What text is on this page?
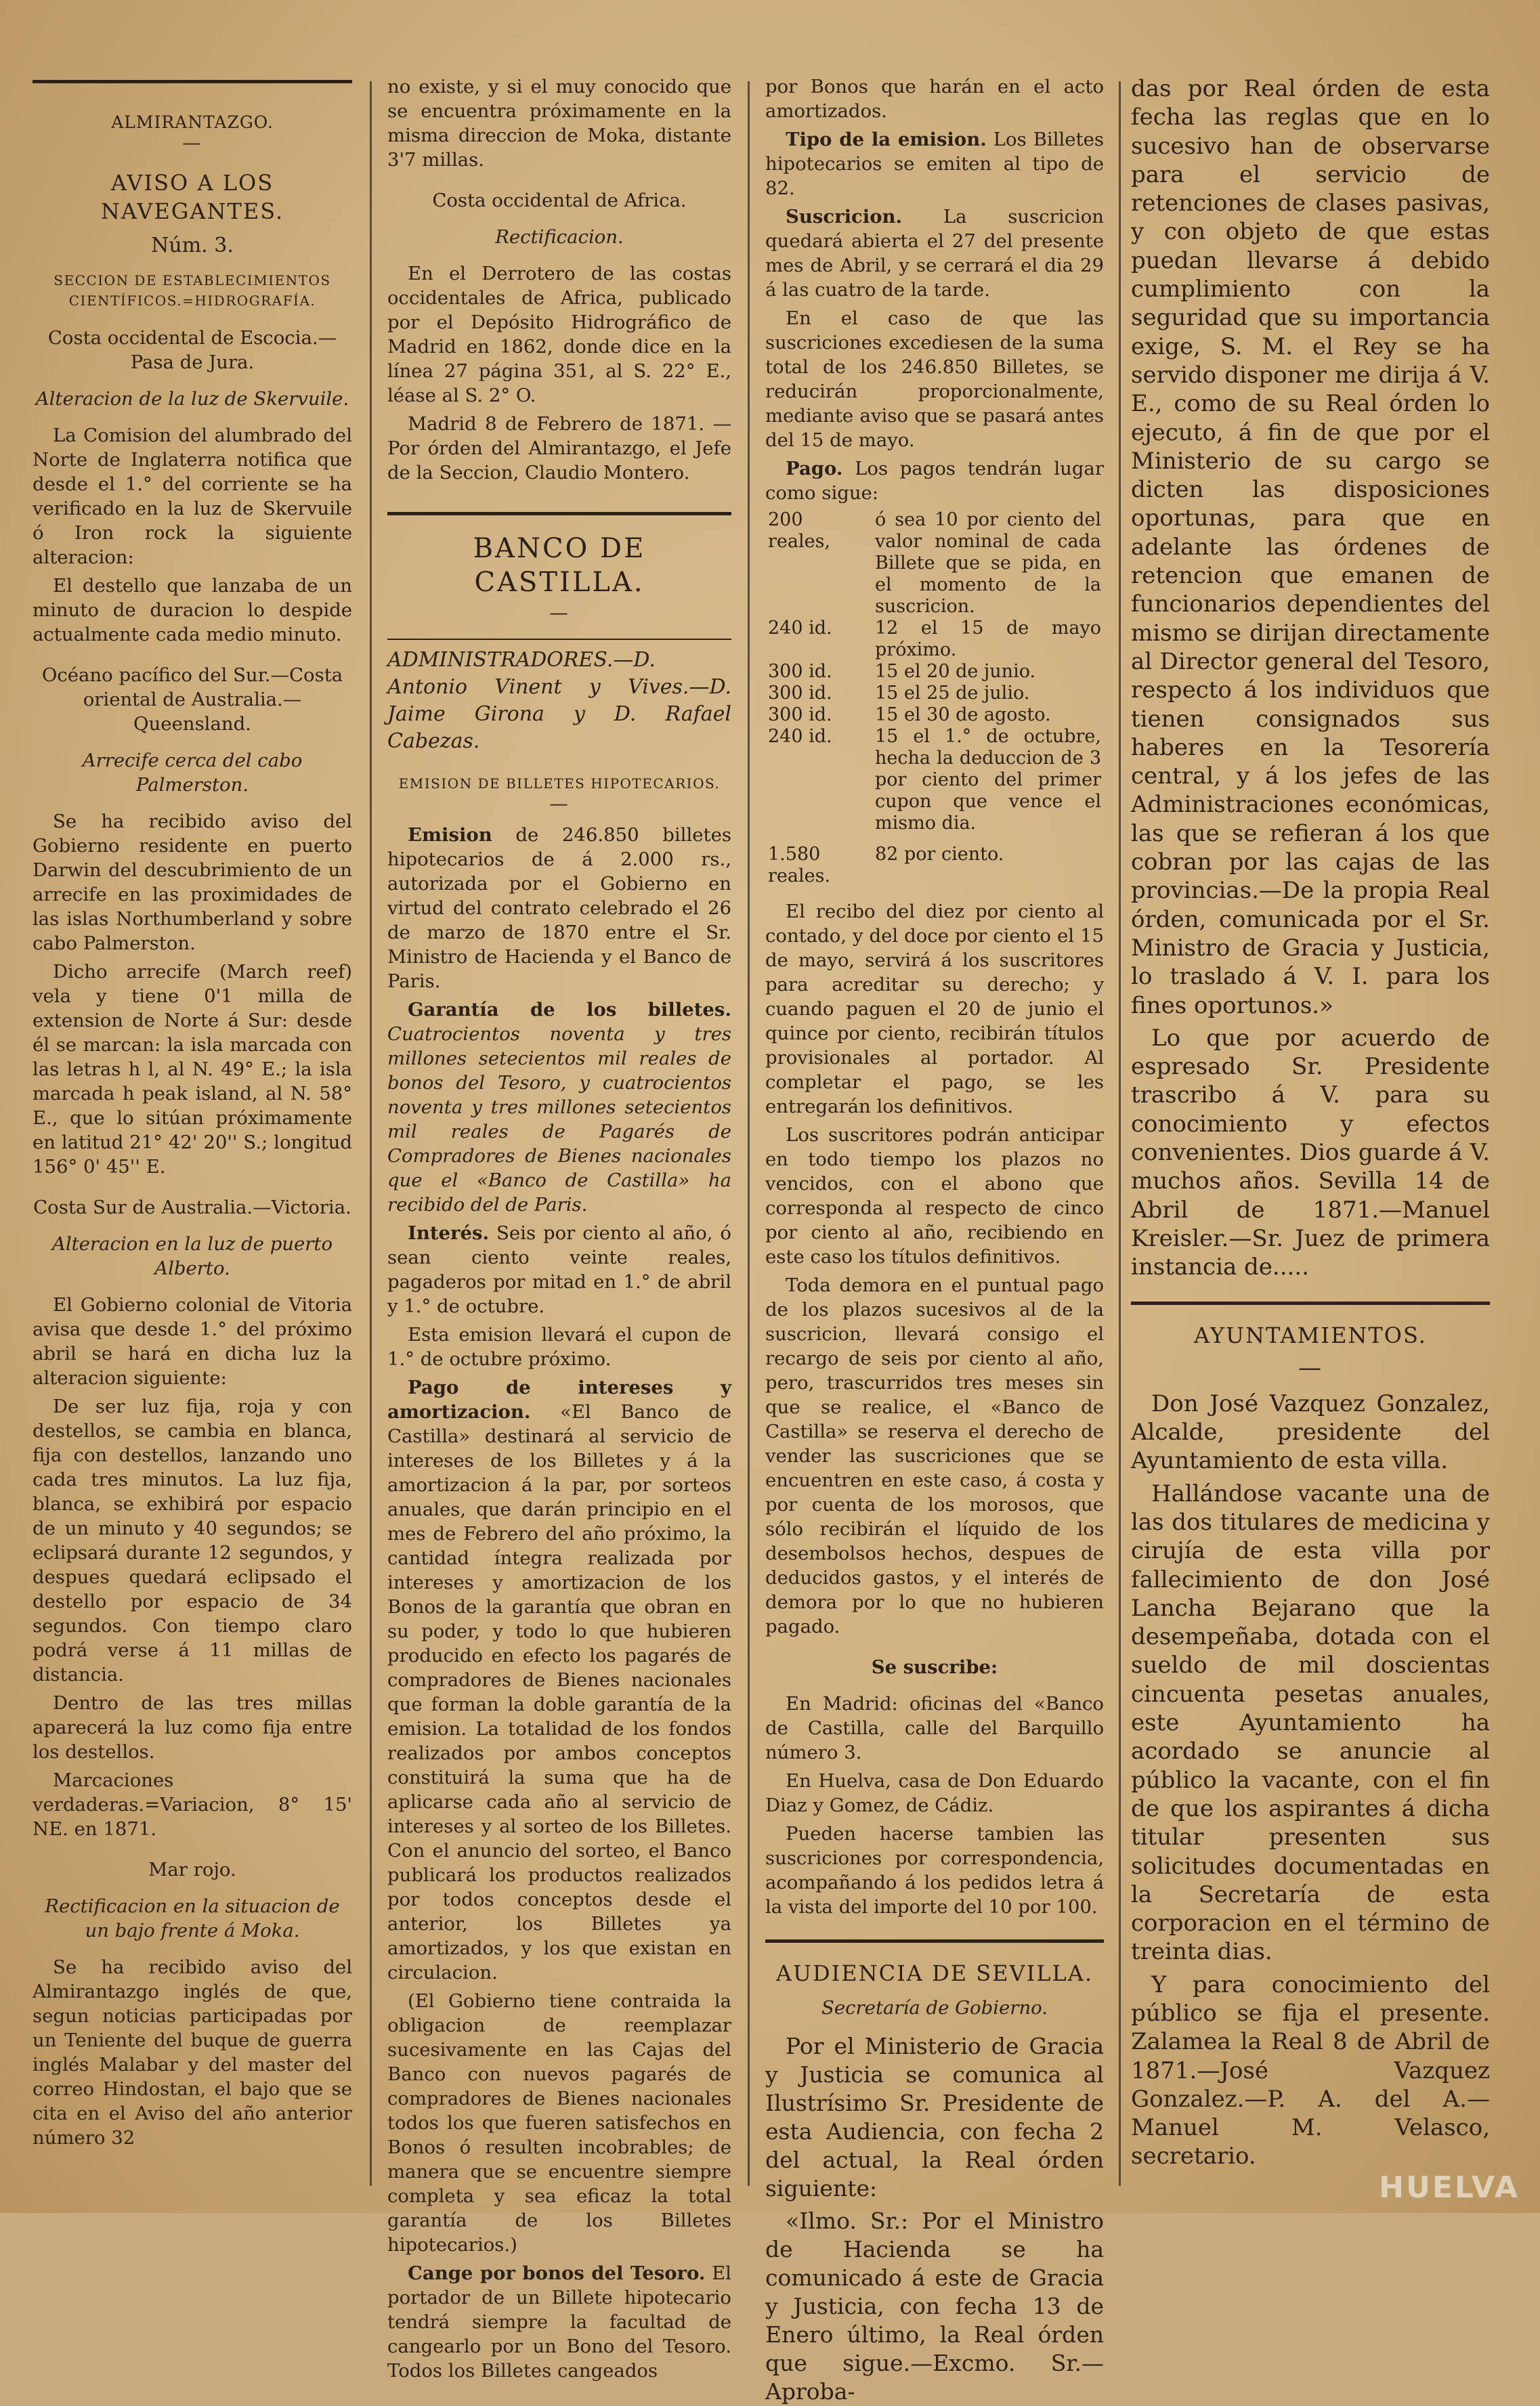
ALMIRANTAZGO.
—
AVISO A LOS NAVEGANTES.
Núm. 3.
SECCION DE ESTABLECIMIENTOS CIENTÍFICOS.=HIDROGRAFÍA.
Costa occidental de Escocia.—Pasa de Jura.
Alteracion de la luz de Skervuile.

La Comision del alumbrado del Norte de Inglaterra notifica que desde el 1.° del corriente se ha verificado en la luz de Skervuile ó Iron rock la siguiente alteracion:

El destello que lanzaba de un minuto de duracion lo despide actualmente cada medio minuto.

Océano pacífico del Sur.—Costa oriental de Australia.—Queensland.
Arrecife cerca del cabo Palmerston.

Se ha recibido aviso del Gobierno residente en puerto Darwin del descubrimiento de un arrecife en las proximidades de las islas Northumberland y sobre cabo Palmerston.

Dicho arrecife (March reef) vela y tiene 0'1 milla de extension de Norte á Sur: desde él se marcan: la isla marcada con las letras h l, al N. 49° E.; la isla marcada h peak island, al N. 58° E., que lo sitúan próximamente en latitud 21° 42' 20'' S.; longitud 156° 0' 45'' E.

Costa Sur de Australia.—Victoria.
Alteracion en la luz de puerto Alberto.

El Gobierno colonial de Vitoria avisa que desde 1.° del próximo abril se hará en dicha luz la alteracion siguiente:

De ser luz fija, roja y con destellos, se cambia en blanca, fija con destellos, lanzando uno cada tres minutos. La luz fija, blanca, se exhibirá por espacio de un minuto y 40 segundos; se eclipsará durante 12 segundos, y despues quedará eclipsado el destello por espacio de 34 segundos. Con tiempo claro podrá verse á 11 millas de distancia.

Dentro de las tres millas aparecerá la luz como fija entre los destellos.

Marcaciones verdaderas.=Variacion, 8° 15' NE. en 1871.

Mar rojo.
Rectificacion en la situacion de un bajo frente á Moka.

Se ha recibido aviso del Almirantazgo inglés de que, segun noticias participadas por un Teniente del buque de guerra inglés Malabar y del master del correo Hindostan, el bajo que se cita en el Aviso del año anterior número 32

no existe, y si el muy conocido que se encuentra próximamente en la misma direccion de Moka, distante 3'7 millas.

Costa occidental de Africa.
Rectificacion.

En el Derrotero de las costas occidentales de Africa, publicado por el Depósito Hidrográfico de Madrid en 1862, donde dice en la línea 27 página 351, al S. 22° E., léase al S. 2° O.

Madrid 8 de Febrero de 1871. —Por órden del Almirantazgo, el Jefe de la Seccion, Claudio Montero.

BANCO DE CASTILLA.
—

ADMINISTRADORES.—D. Antonio Vinent y Vives.—D. Jaime Girona y D. Rafael Cabezas.

EMISION DE BILLETES HIPOTECARIOS.
—

Emision de 246.850 billetes hipotecarios de á 2.000 rs., autorizada por el Gobierno en virtud del contrato celebrado el 26 de marzo de 1870 entre el Sr. Ministro de Hacienda y el Banco de Paris.

Garantía de los billetes. Cuatrocientos noventa y tres millones setecientos mil reales de bonos del Tesoro, y cuatrocientos noventa y tres millones setecientos mil reales de Pagarés de Compradores de Bienes nacionales que el «Banco de Castilla» ha recibido del de Paris.

Interés. Seis por ciento al año, ó sean ciento veinte reales, pagaderos por mitad en 1.° de abril y 1.° de octubre.

Esta emision llevará el cupon de 1.° de octubre próximo.

Pago de intereses y amortizacion. «El Banco de Castilla» destinará al servicio de intereses de los Billetes y á la amortizacion á la par, por sorteos anuales, que darán principio en el mes de Febrero del año próximo, la cantidad íntegra realizada por intereses y amortizacion de los Bonos de la garantía que obran en su poder, y todo lo que hubieren producido en efecto los pagarés de compradores de Bienes nacionales que forman la doble garantía de la emision. La totalidad de los fondos realizados por ambos conceptos constituirá la suma que ha de aplicarse cada año al servicio de intereses y al sorteo de los Billetes. Con el anuncio del sorteo, el Banco publicará los productos realizados por todos conceptos desde el anterior, los Billetes ya amortizados, y los que existan en circulacion.

(El Gobierno tiene contraida la obligacion de reemplazar sucesivamente en las Cajas del Banco con nuevos pagarés de compradores de Bienes nacionales todos los que fueren satisfechos en Bonos ó resulten incobrables; de manera que se encuentre siempre completa y sea eficaz la total garantía de los Billetes hipotecarios.)

Cange por bonos del Tesoro. El portador de un Billete hipotecario tendrá siempre la facultad de cangearlo por un Bono del Tesoro. Todos los Billetes cangeados

por Bonos que harán en el acto amortizados.

Tipo de la emision. Los Billetes hipotecarios se emiten al tipo de 82.

Suscricion. La suscricion quedará abierta el 27 del presente mes de Abril, y se cerrará el dia 29 á las cuatro de la tarde.

En el caso de que las suscriciones excediesen de la suma total de los 246.850 Billetes, se reducirán proporcionalmente, mediante aviso que se pasará antes del 15 de mayo.

Pago. Los pagos tendrán lugar como sigue:

200 reales,	ó sea 10 por ciento del valor nominal de cada Billete que se pida, en el momento de la suscricion.
240 id.	12 el 15 de mayo próximo.
300 id.	15 el 20 de junio.
300 id.	15 el 25 de julio.
300 id.	15 el 30 de agosto.
240 id.	15 el 1.° de octubre, hecha la deduccion de 3 por ciento del primer cupon que vence el mismo dia.
1.580 reales.	82 por ciento.

El recibo del diez por ciento al contado, y del doce por ciento el 15 de mayo, servirá á los suscritores para acreditar su derecho; y cuando paguen el 20 de junio el quince por ciento, recibirán títulos provisionales al portador. Al completar el pago, se les entregarán los definitivos.

Los suscritores podrán anticipar en todo tiempo los plazos no vencidos, con el abono que corresponda al respecto de cinco por ciento al año, recibiendo en este caso los títulos definitivos.

Toda demora en el puntual pago de los plazos sucesivos al de la suscricion, llevará consigo el recargo de seis por ciento al año, pero, trascurridos tres meses sin que se realice, el «Banco de Castilla» se reserva el derecho de vender las suscriciones que se encuentren en este caso, á costa y por cuenta de los morosos, que sólo recibirán el líquido de los desembolsos hechos, despues de deducidos gastos, y el interés de demora por lo que no hubieren pagado.

Se suscribe:

En Madrid: oficinas del «Banco de Castilla, calle del Barquillo número 3.

En Huelva, casa de Don Eduardo Diaz y Gomez, de Cádiz.

Pueden hacerse tambien las suscriciones por correspondencia, acompañando á los pedidos letra á la vista del importe del 10 por 100.

AUDIENCIA DE SEVILLA.
Secretaría de Gobierno.

Por el Ministerio de Gracia y Justicia se comunica al Ilustrísimo Sr. Presidente de esta Audiencia, con fecha 2 del actual, la Real órden siguiente:

«Ilmo. Sr.: Por el Ministro de Hacienda se ha comunicado á este de Gracia y Justicia, con fecha 13 de Enero último, la Real órden que sigue.—Excmo. Sr.—Aproba-

das por Real órden de esta fecha las reglas que en lo sucesivo han de observarse para el servicio de retenciones de clases pasivas, y con objeto de que estas puedan llevarse á debido cumplimiento con la seguridad que su importancia exige, S. M. el Rey se ha servido disponer me dirija á V. E., como de su Real órden lo ejecuto, á fin de que por el Ministerio de su cargo se dicten las disposiciones oportunas, para que en adelante las órdenes de retencion que emanen de funcionarios dependientes del mismo se dirijan directamente al Director general del Tesoro, respecto á los individuos que tienen consignados sus haberes en la Tesorería central, y á los jefes de las Administraciones económicas, las que se refieran á los que cobran por las cajas de las provincias.—De la propia Real órden, comunicada por el Sr. Ministro de Gracia y Justicia, lo traslado á V. I. para los fines oportunos.»

Lo que por acuerdo de espresado Sr. Presidente trascribo á V. para su conocimiento y efectos convenientes. Dios guarde á V. muchos años. Sevilla 14 de Abril de 1871.—Manuel Kreisler.—Sr. Juez de primera instancia de.....

AYUNTAMIENTOS.
—

Don José Vazquez Gonzalez, Alcalde, presidente del Ayuntamiento de esta villa.

Hallándose vacante una de las dos titulares de medicina y cirujía de esta villa por fallecimiento de don José Lancha Bejarano que la desempeñaba, dotada con el sueldo de mil doscientas cincuenta pesetas anuales, este Ayuntamiento ha acordado se anuncie al público la vacante, con el fin de que los aspirantes á dicha titular presenten sus solicitudes documentadas en la Secretaría de esta corporacion en el término de treinta dias.

Y para conocimiento del público se fija el presente. Zalamea la Real 8 de Abril de 1871.—José Vazquez Gonzalez.—P. A. del A.—Manuel M. Velasco, secretario.

HUELVA
